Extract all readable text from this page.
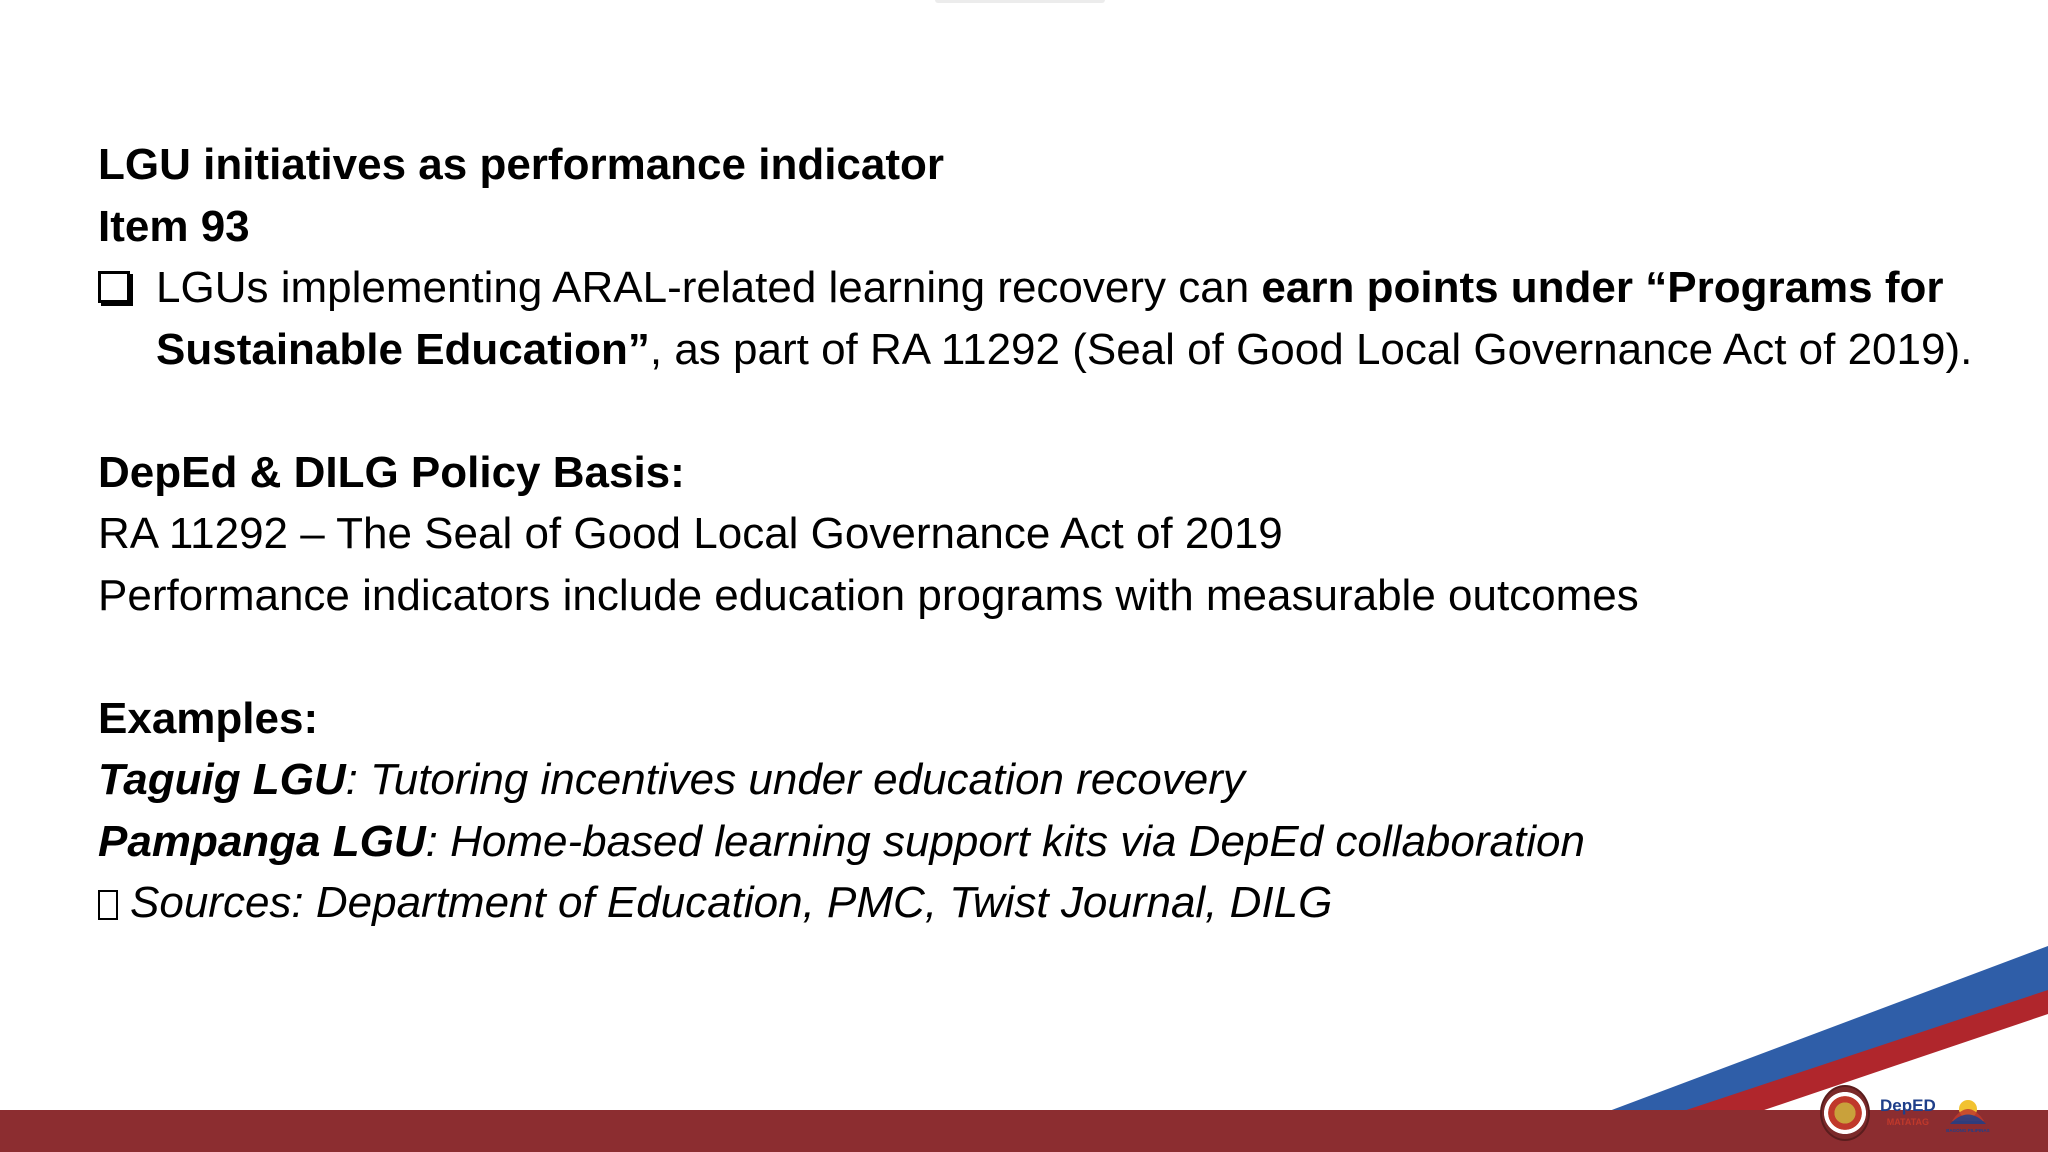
LGU initiatives as performance indicator
Item 93
LGUs implementing ARAL-related learning recovery can earn points under “Programs for Sustainable Education”, as part of RA 11292 (Seal of Good Local Governance Act of 2019).
DepEd & DILG Policy Basis:
RA 11292 – The Seal of Good Local Governance Act of 2019
Performance indicators include education programs with measurable outcomes
Examples:
Taguig LGU: Tutoring incentives under education recovery
Pampanga LGU: Home-based learning support kits via DepEd collaboration
Sources: Department of Education, PMC, Twist Journal, DILG
DepED
MATATAG
BAGONG PILIPINAS
